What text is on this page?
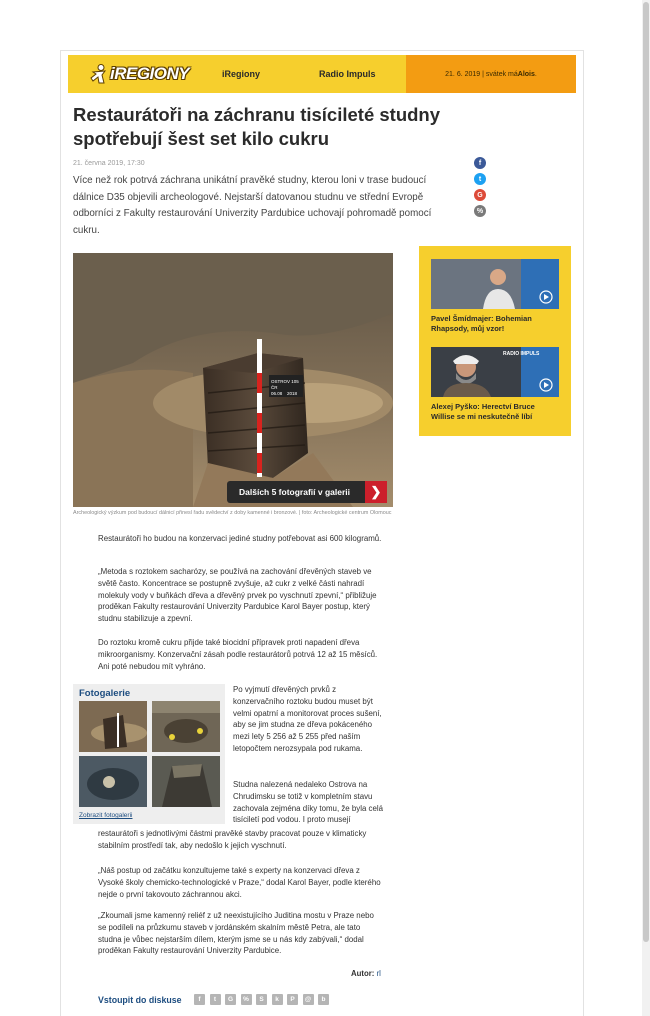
iREGIONY	iRegiony	Radio Impuls	21. 6. 2019 | svátek má Alois .
Restaurátoři na záchranu tisícileté studny spotřebují šest set kilo cukru
21. června 2019, 17:30

Více než rok potrvá záchrana unikátní pravěké studny, kterou loni v trase budoucí dálnice D35 objevili archeologové. Nejstarší datovanou studnu ve střední Evropě odborníci z Fakulty restaurování Univerzity Pardubice uchovají pohromadě pomocí cukru.

f
t
G
%
OSTROV 105
ČR
06.08 2018
Dalších 5 fotografií v galerii	❯
Archeologický výzkum pod budoucí dálnicí přinesl řadu svědectví z doby kamenné i bronzové. | foto: Archeologické centrum Olomouc
Pavel Šmídmajer: Bohemian Rhapsody, můj vzor!
RADIO IMPULS
Alexej Pyško: Herectví Bruce Willise se mi neskutečně líbí

Restaurátoři ho budou na konzervaci jediné studny potřebovat asi 600 kilogramů.

„Metoda s roztokem sacharózy, se používá na zachování dřevěných staveb ve světě často. Koncentrace se postupně zvyšuje, až cukr z velké části nahradí molekuly vody v buňkách dřeva a dřevěný prvek po vyschnutí zpevní,“ přibližuje proděkan Fakulty restaurování Univerzity Pardubice Karol Bayer postup, který studnu stabilizuje a zpevní.

Do roztoku kromě cukru přijde také biocidní přípravek proti napadení dřeva mikroorganismy. Konzervační zásah podle restaurátorů potrvá 12 až 15 měsíců. Ani poté nebudou mít vyhráno.

Fotogalerie
Zobrazit fotogalerii

Po vyjmutí dřevěných prvků z konzervačního roztoku budou muset být velmi opatrní a monitorovat proces sušení, aby se jim studna ze dřeva pokáceného mezi lety 5 256 až 5 255 před naším letopočtem nerozsypala pod rukama.

Studna nalezená nedaleko Ostrova na Chrudimsku se totiž v kompletním stavu zachovala zejména díky tomu, že byla celá tisíciletí pod vodou. I proto musejí

restaurátoři s jednotlivými částmi pravěké stavby pracovat pouze v klimaticky stabilním prostředí tak, aby nedošlo k jejich vyschnutí.

„Náš postup od začátku konzultujeme také s experty na konzervaci dřeva z Vysoké školy chemicko-technologické v Praze,“ dodal Karol Bayer, podle kterého nejde o první takovouto záchrannou akci.

„Zkoumali jsme kamenný reliéf z už neexistujícího Juditina mostu v Praze nebo se podíleli na průzkumu staveb v jordánském skalním městě Petra, ale tato studna je vůbec nejstarším dílem, kterým jsme se u nás kdy zabývali,“ dodal proděkan Fakulty restaurování Univerzity Pardubice.

Autor: rl
Vstoupit do diskuse	f	t	G	%	S	k	P	@	b
